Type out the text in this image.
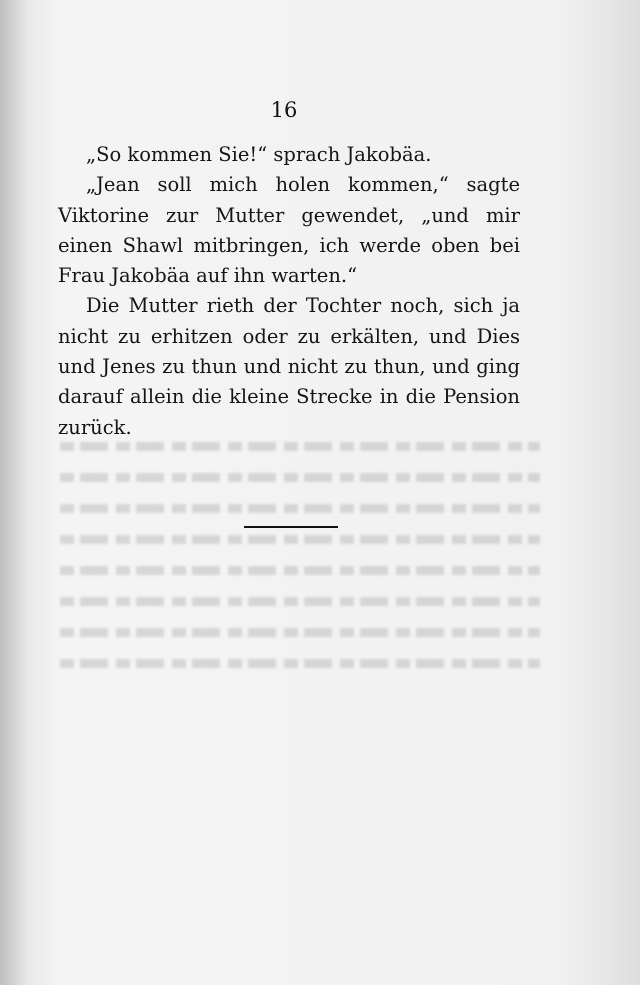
16

„So kommen Sie!“ sprach Jakobäa.

„Jean soll mich holen kommen,“ sagte Viktorine zur Mutter gewendet, „und mir einen Shawl mitbringen, ich werde oben bei Frau Jakobäa auf ihn warten.“

Die Mutter rieth der Tochter noch, sich ja nicht zu erhitzen oder zu erkälten, und Dies und Jenes zu thun und nicht zu thun, und ging darauf allein die kleine Strecke in die Pension zurück.
